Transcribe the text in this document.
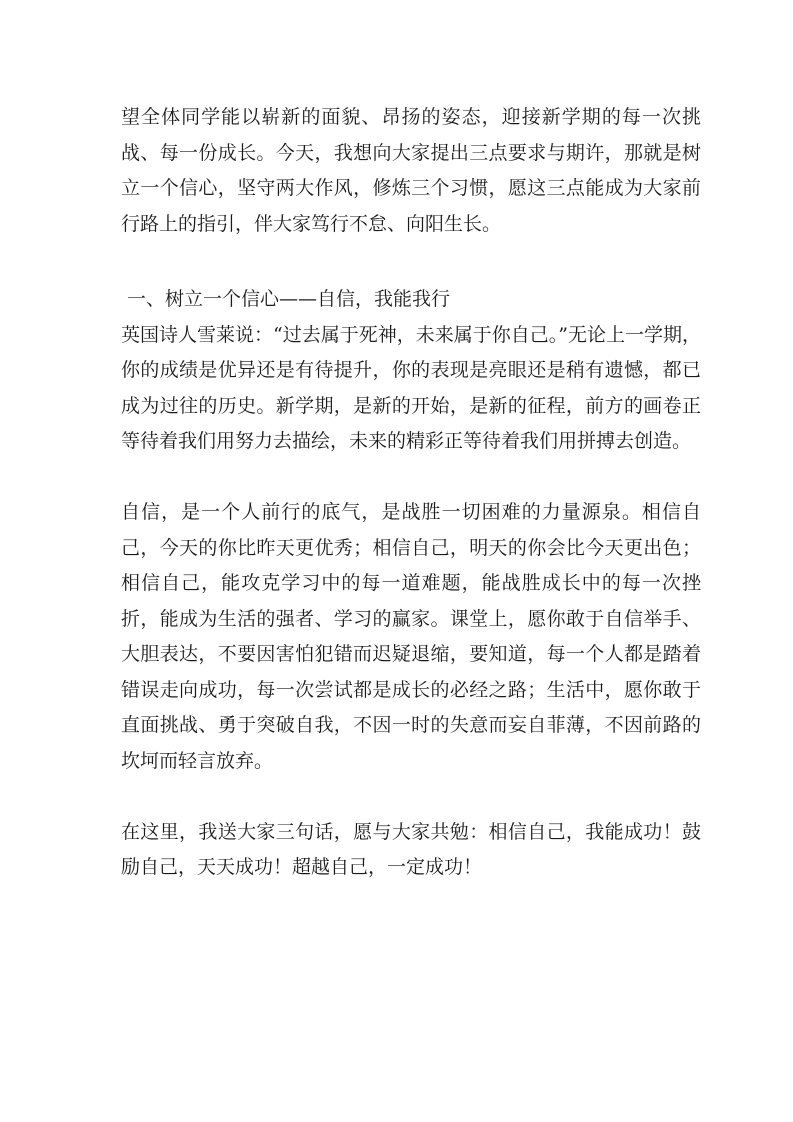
望全体同学能以崭新的面貌、昂扬的姿态，迎接新学期的每一次挑战、每一份成长。今天，我想向大家提出三点要求与期许，那就是树立一个信心，坚守两大作风，修炼三个习惯，愿这三点能成为大家前行路上的指引，伴大家笃行不怠、向阳生长。

一、树立一个信心——自信，我能我行

英国诗人雪莱说：“过去属于死神，未来属于你自己。”无论上一学期，你的成绩是优异还是有待提升，你的表现是亮眼还是稍有遗憾，都已成为过往的历史。新学期，是新的开始，是新的征程，前方的画卷正等待着我们用努力去描绘，未来的精彩正等待着我们用拼搏去创造。

自信，是一个人前行的底气，是战胜一切困难的力量源泉。相信自己，今天的你比昨天更优秀；相信自己，明天的你会比今天更出色；相信自己，能攻克学习中的每一道难题，能战胜成长中的每一次挫折，能成为生活的强者、学习的赢家。课堂上，愿你敢于自信举手、大胆表达，不要因害怕犯错而迟疑退缩，要知道，每一个人都是踏着错误走向成功，每一次尝试都是成长的必经之路；生活中，愿你敢于直面挑战、勇于突破自我，不因一时的失意而妄自菲薄，不因前路的坎坷而轻言放弃。

在这里，我送大家三句话，愿与大家共勉：相信自己，我能成功！鼓励自己，天天成功！超越自己，一定成功！
